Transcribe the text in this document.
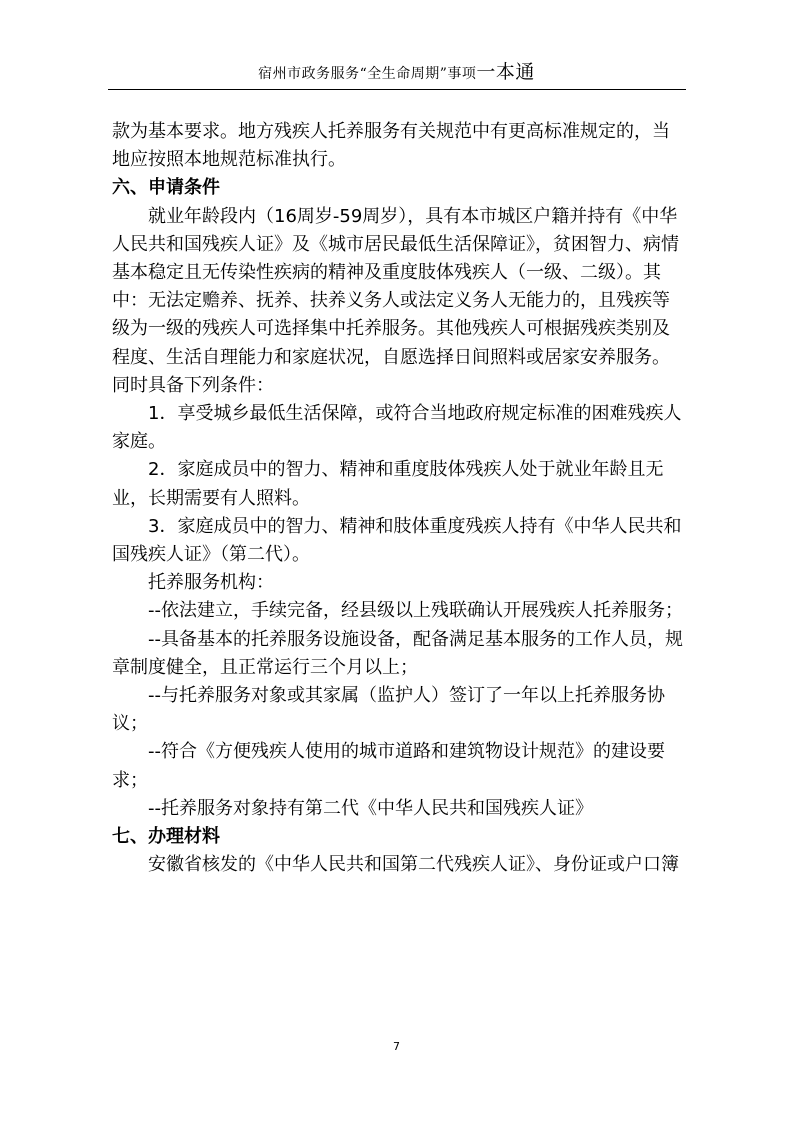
宿州市政务服务“全生命周期”事项一本通

款为基本要求。地方残疾人托养服务有关规范中有更高标准规定的，当地应按照本地规范标准执行。

六、申请条件

就业年龄段内（16周岁-59周岁），具有本市城区户籍并持有《中华人民共和国残疾人证》及《城市居民最低生活保障证》，贫困智力、病情基本稳定且无传染性疾病的精神及重度肢体残疾人（一级、二级）。其中：无法定赡养、抚养、扶养义务人或法定义务人无能力的，且残疾等级为一级的残疾人可选择集中托养服务。其他残疾人可根据残疾类别及程度、生活自理能力和家庭状况，自愿选择日间照料或居家安养服务。同时具备下列条件：

1．享受城乡最低生活保障，或符合当地政府规定标准的困难残疾人家庭。

2．家庭成员中的智力、精神和重度肢体残疾人处于就业年龄且无业，长期需要有人照料。

3．家庭成员中的智力、精神和肢体重度残疾人持有《中华人民共和国残疾人证》（第二代）。

托养服务机构：

--依法建立，手续完备，经县级以上残联确认开展残疾人托养服务；

--具备基本的托养服务设施设备，配备满足基本服务的工作人员，规章制度健全，且正常运行三个月以上；

--与托养服务对象或其家属（监护人）签订了一年以上托养服务协议；

--符合《方便残疾人使用的城市道路和建筑物设计规范》的建设要求；

--托养服务对象持有第二代《中华人民共和国残疾人证》

七、办理材料

安徽省核发的《中华人民共和国第二代残疾人证》、身份证或户口簿

7
